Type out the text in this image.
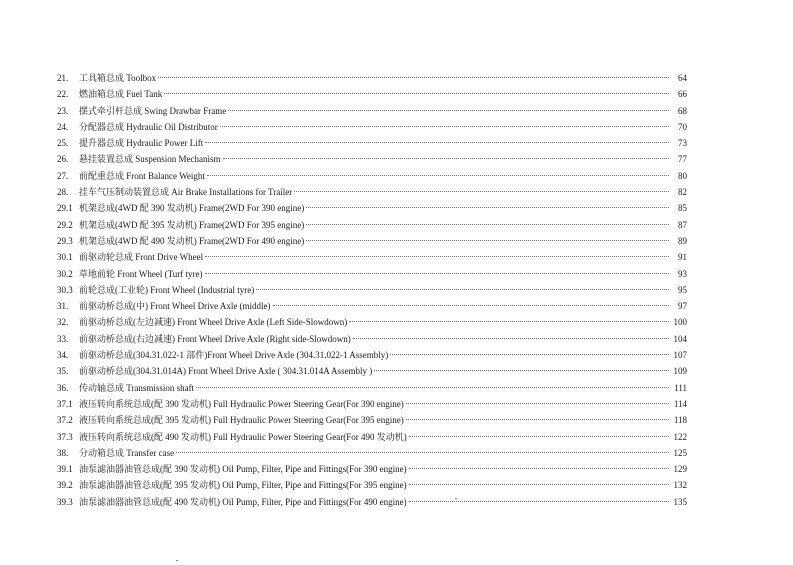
21.	工具箱总成 Toolbox	64
22.	燃油箱总成 Fuel Tank	66
23.	摆式牵引杆总成 Swing Drawbar Frame	68
24.	分配器总成 Hydraulic Oil Distributor	70
25.	提升器总成 Hydraulic Power Lift	73
26.	悬挂装置总成 Suspension Mechanism	77
27.	前配重总成 Front Balance Weight	80
28.	挂车气压制动装置总成 Air Brake Installations for Trailer	82
29.1 机架总成(4WD 配 390 发动机) Frame(2WD For 390 engine)	85
29.2 机架总成(4WD 配 395 发动机) Frame(2WD For 395 engine)	87
29.3 机架总成(4WD 配 490 发动机) Frame(2WD For 490 engine)	89
30.1 前驱动轮总成 Front Drive Wheel	91
30.2 草地前轮 Front Wheel (Turf tyre)	93
30.3 前轮总成(工业轮) Front Wheel (Industrial tyre)	95
31.	前驱动桥总成(中) Front Wheel Drive Axle (middle)	97
32.	前驱动桥总成(左边减速) Front Wheel Drive Axle (Left Side-Slowdown)	100
33.	前驱动桥总成(右边减速) Front Wheel Drive Axle (Right side-Slowdown)	104
34.	前驱动桥总成(304.31.022-1 部件)Front Wheel Drive Axle (304.31.022-1 Assembly)	107
35.	前驱动桥总成(304.31.014A) Front Wheel Drive Axle ( 304.31.014A Assembly )	109
36.	传动轴总成 Transmission shaft	111
37.1 液压转向系统总成(配 390 发动机) Full Hydraulic Power Steering Gear(For 390 engine)	114
37.2 液压转向系统总成(配 395 发动机) Full Hydraulic Power Steering Gear(For 395 engine)	118
37.3 液压转向系统总成(配 490 发动机) Full Hydraulic Power Steering Gear(For 490 发动机)	122
38.	分动箱总成 Transfer case	125
39.1 油泵滤油器油管总成(配 390 发动机) Oil Pump, Filter, Pipe and Fittings(For 390 engine)	129
39.2 油泵滤油器油管总成(配 395 发动机) Oil Pump, Filter, Pipe and Fittings(For 395 engine)	132
39.3 油泵滤油器油管总成(配 490 发动机) Oil Pump, Filter, Pipe and Fittings(For 490 engine)	135
